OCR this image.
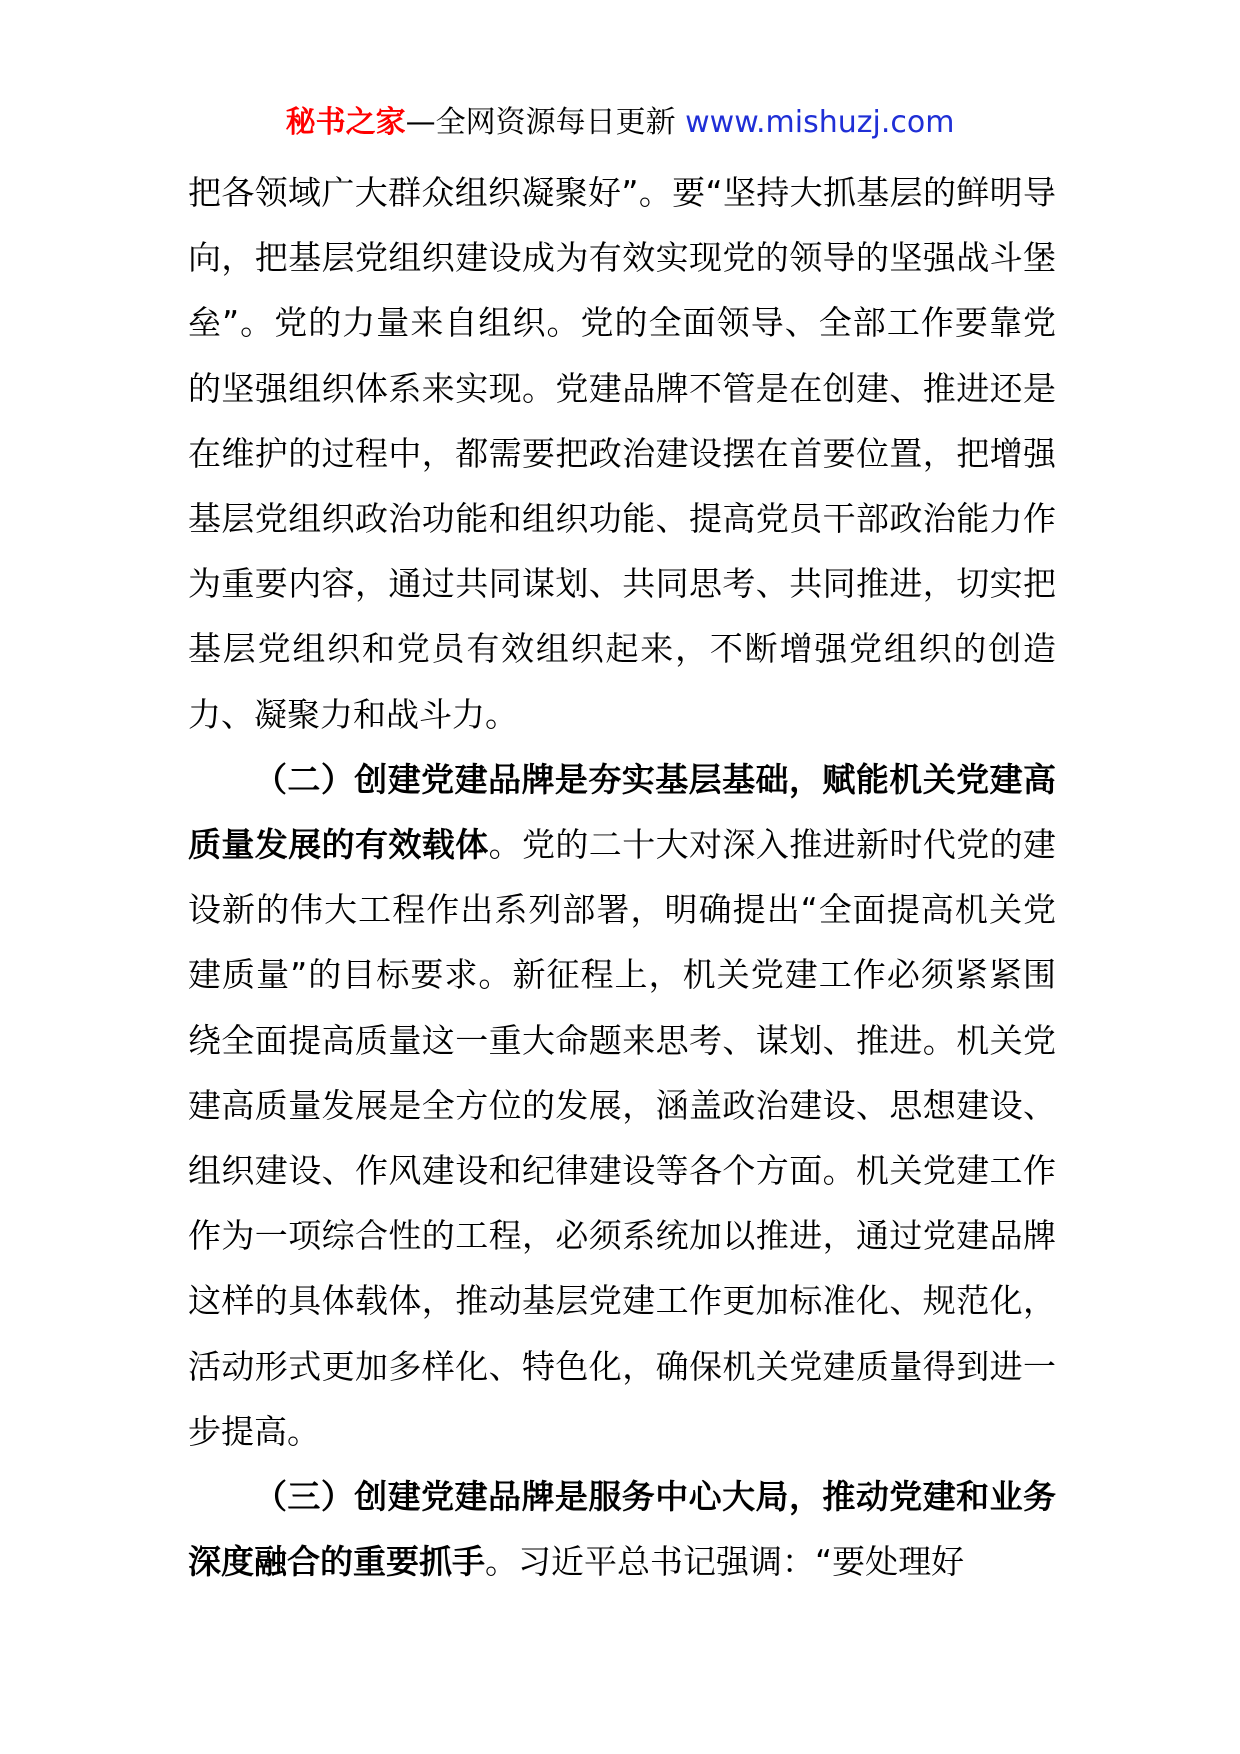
秘书之家—全网资源每日更新 www.mishuzj.com

把各领域广大群众组织凝聚好”。要“坚持大抓基层的鲜明导向，把基层党组织建设成为有效实现党的领导的坚强战斗堡垒”。党的力量来自组织。党的全面领导、全部工作要靠党的坚强组织体系来实现。党建品牌不管是在创建、推进还是在维护的过程中，都需要把政治建设摆在首要位置，把增强基层党组织政治功能和组织功能、提高党员干部政治能力作为重要内容，通过共同谋划、共同思考、共同推进，切实把基层党组织和党员有效组织起来，不断增强党组织的创造力、凝聚力和战斗力。

（二）创建党建品牌是夯实基层基础，赋能机关党建高质量发展的有效载体。党的二十大对深入推进新时代党的建设新的伟大工程作出系列部署，明确提出“全面提高机关党建质量”的目标要求。新征程上，机关党建工作必须紧紧围绕全面提高质量这一重大命题来思考、谋划、推进。机关党建高质量发展是全方位的发展，涵盖政治建设、思想建设、组织建设、作风建设和纪律建设等各个方面。机关党建工作作为一项综合性的工程，必须系统加以推进，通过党建品牌这样的具体载体，推动基层党建工作更加标准化、规范化，活动形式更加多样化、特色化，确保机关党建质量得到进一步提高。

（三）创建党建品牌是服务中心大局，推动党建和业务深度融合的重要抓手。习近平总书记强调：“要处理好
